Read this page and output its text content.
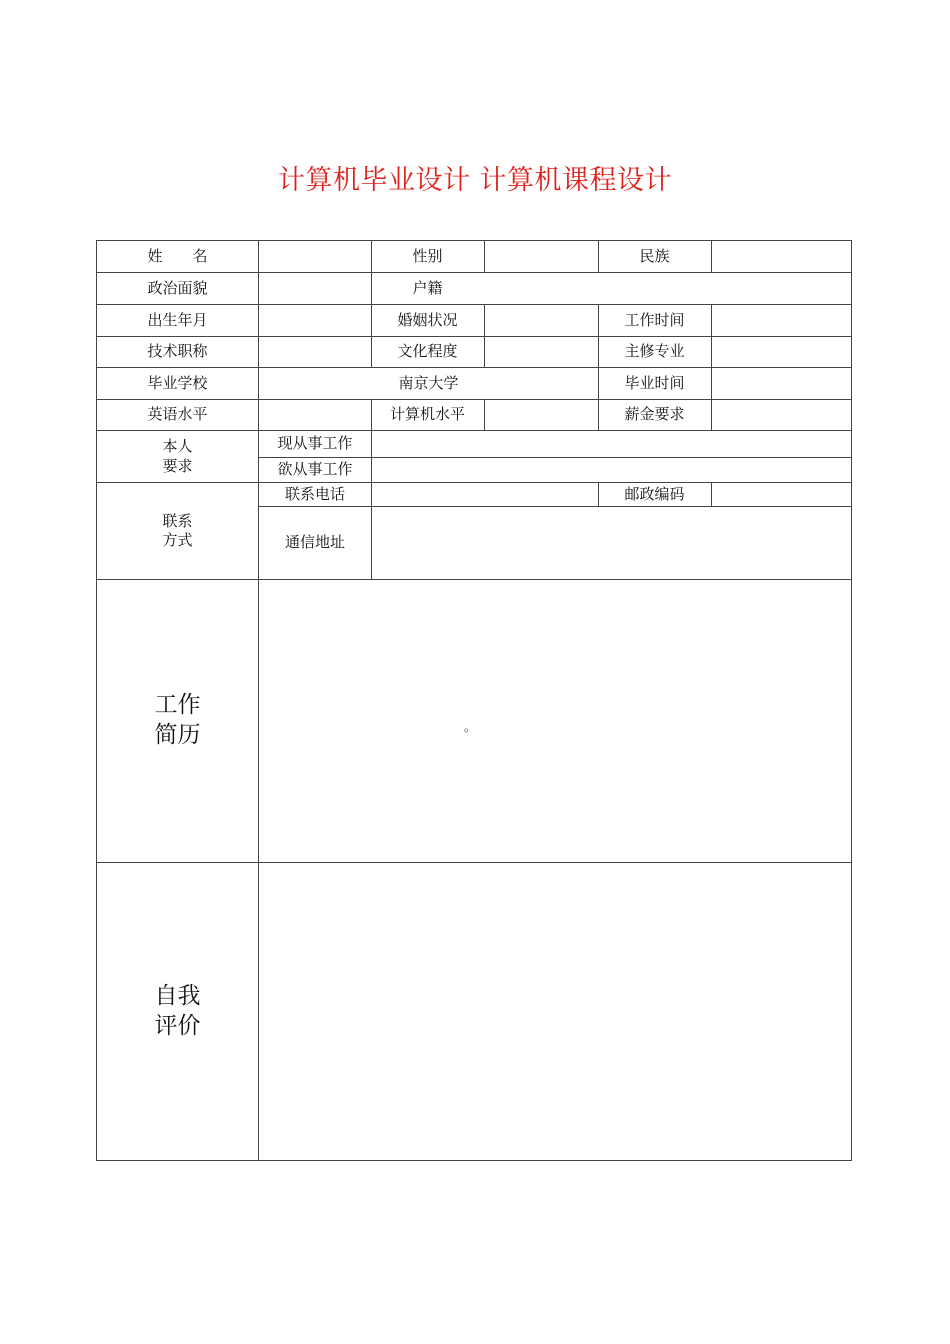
计算机毕业设计 计算机课程设计
姓　　名	性别	民族
政治面貌	户籍
出生年月	婚姻状况	工作时间
技术职称	文化程度	主修专业
毕业学校	南京大学	毕业时间
英语水平	计算机水平	薪金要求
本人
要求
现从事工作
欲从事工作
联系
方式
联系电话	邮政编码
通信地址
工作
简历	。
自我
评价
